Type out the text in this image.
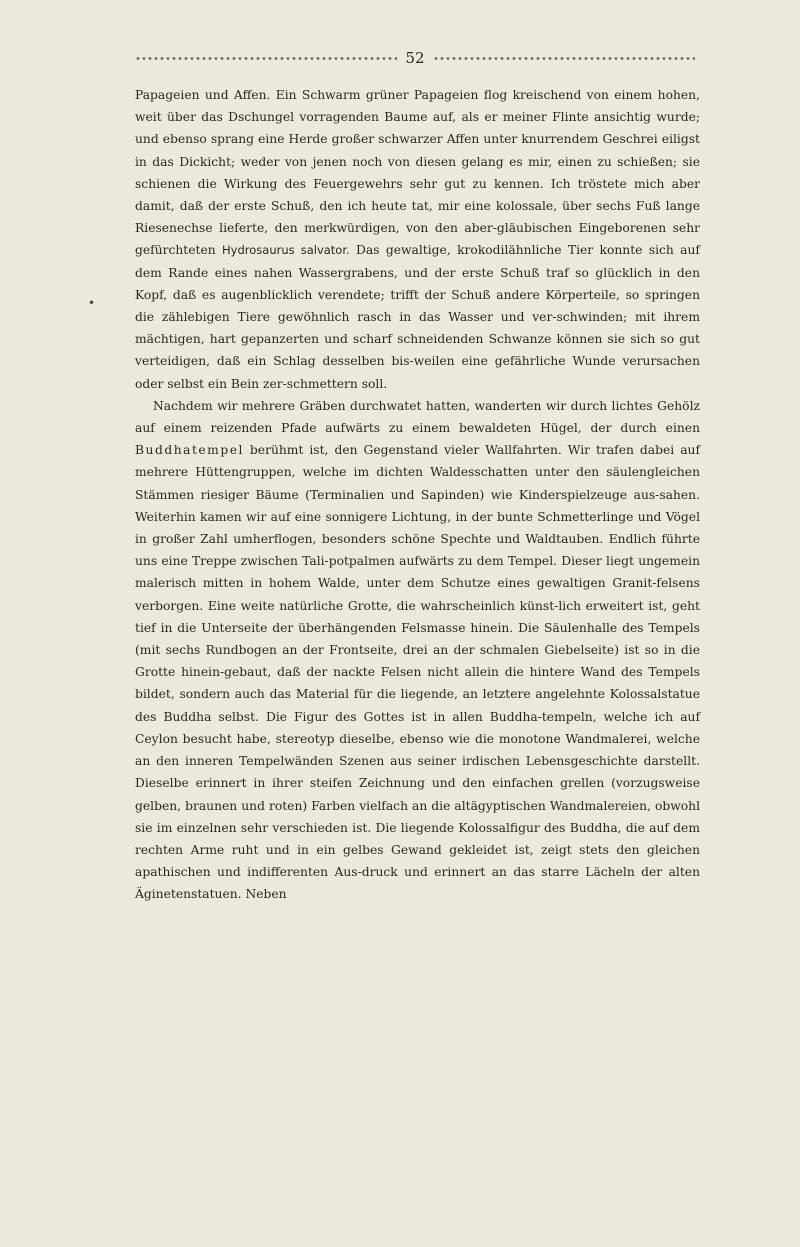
52
•

Papageien und Affen. Ein Schwarm grüner Papageien flog kreischend von einem hohen, weit über das Dschungel vorragenden Baume auf, als er meiner Flinte ansichtig wurde; und ebenso sprang eine Herde großer schwarzer Affen unter knurrendem Geschrei eiligst in das Dickicht; weder von jenen noch von diesen gelang es mir, einen zu schießen; sie schienen die Wirkung des Feuergewehrs sehr gut zu kennen. Ich tröstete mich aber damit, daß der erste Schuß, den ich heute tat, mir eine kolossale, über sechs Fuß lange Riesenechse lieferte, den merkwürdigen, von den aber-gläubischen Eingeborenen sehr gefürchteten Hydrosaurus salvator. Das gewaltige, krokodilähnliche Tier konnte sich auf dem Rande eines nahen Wassergrabens, und der erste Schuß traf so glücklich in den Kopf, daß es augenblicklich verendete; trifft der Schuß andere Körperteile, so springen die zählebigen Tiere gewöhnlich rasch in das Wasser und ver-schwinden; mit ihrem mächtigen, hart gepanzerten und scharf schneidenden Schwanze können sie sich so gut verteidigen, daß ein Schlag desselben bis-weilen eine gefährliche Wunde verursachen oder selbst ein Bein zer-schmettern soll.

Nachdem wir mehrere Gräben durchwatet hatten, wanderten wir durch lichtes Gehölz auf einem reizenden Pfade aufwärts zu einem bewaldeten Hügel, der durch einen Buddhatempel berühmt ist, den Gegenstand vieler Wallfahrten. Wir trafen dabei auf mehrere Hüttengruppen, welche im dichten Waldesschatten unter den säulengleichen Stämmen riesiger Bäume (Terminalien und Sapinden) wie Kinderspielzeuge aus-sahen. Weiterhin kamen wir auf eine sonnigere Lichtung, in der bunte Schmetterlinge und Vögel in großer Zahl umherflogen, besonders schöne Spechte und Waldtauben. Endlich führte uns eine Treppe zwischen Tali-potpalmen aufwärts zu dem Tempel. Dieser liegt ungemein malerisch mitten in hohem Walde, unter dem Schutze eines gewaltigen Granit-felsens verborgen. Eine weite natürliche Grotte, die wahrscheinlich künst-lich erweitert ist, geht tief in die Unterseite der überhängenden Felsmasse hinein. Die Säulenhalle des Tempels (mit sechs Rundbogen an der Frontseite, drei an der schmalen Giebelseite) ist so in die Grotte hinein-gebaut, daß der nackte Felsen nicht allein die hintere Wand des Tempels bildet, sondern auch das Material für die liegende, an letztere angelehnte Kolossalstatue des Buddha selbst. Die Figur des Gottes ist in allen Buddha-tempeln, welche ich auf Ceylon besucht habe, stereotyp dieselbe, ebenso wie die monotone Wandmalerei, welche an den inneren Tempelwänden Szenen aus seiner irdischen Lebensgeschichte darstellt. Dieselbe erinnert in ihrer steifen Zeichnung und den einfachen grellen (vorzugsweise gelben, braunen und roten) Farben vielfach an die altägyptischen Wandmalereien, obwohl sie im einzelnen sehr verschieden ist. Die liegende Kolossalfigur des Buddha, die auf dem rechten Arme ruht und in ein gelbes Gewand gekleidet ist, zeigt stets den gleichen apathischen und indifferenten Aus-druck und erinnert an das starre Lächeln der alten Äginetenstatuen. Neben
